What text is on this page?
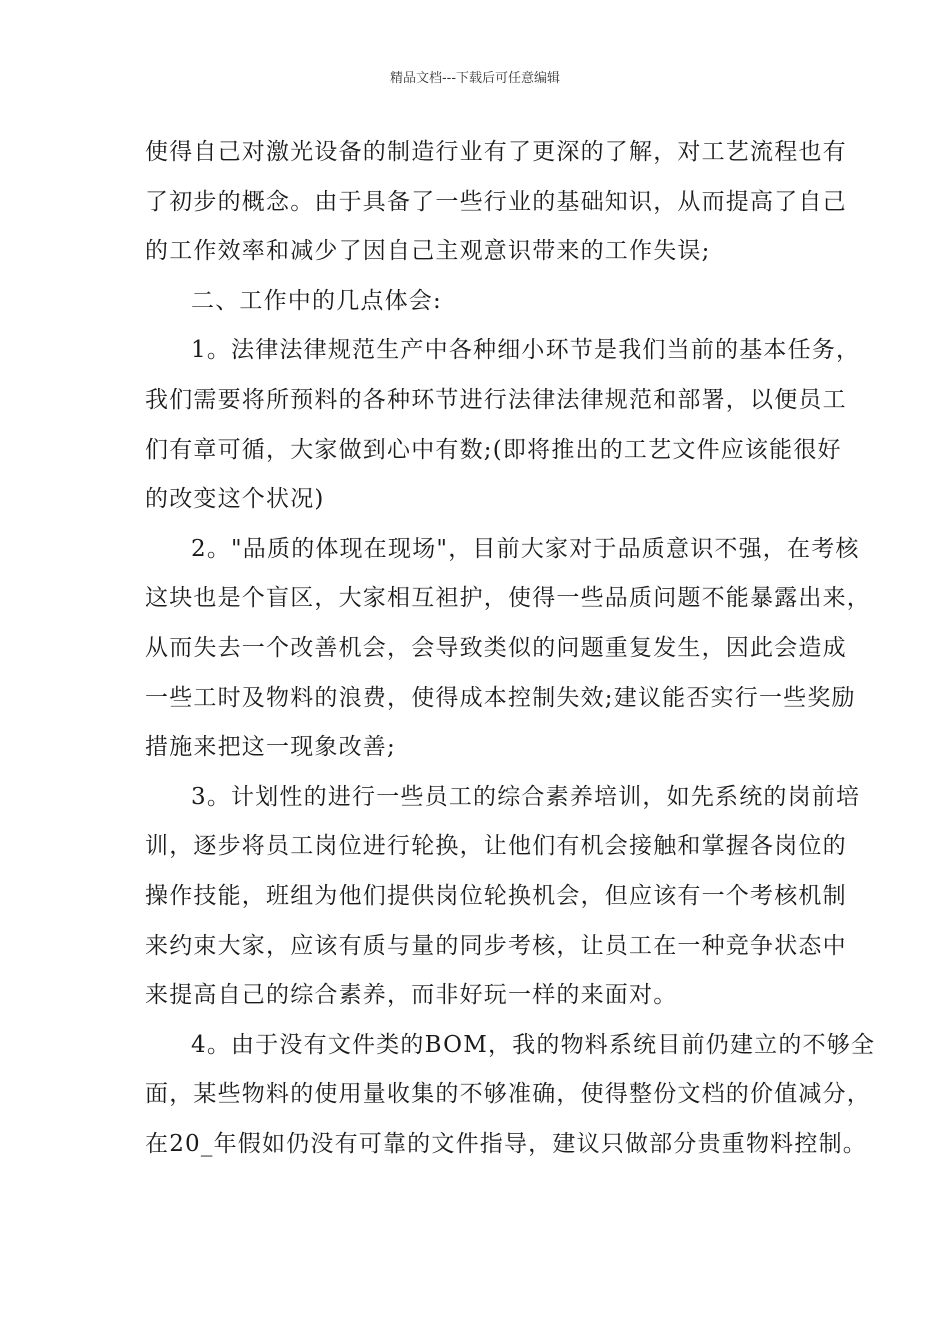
精品文档---下载后可任意编辑
使得自己对激光设备的制造行业有了更深的了解，对工艺流程也有
了初步的概念。由于具备了一些行业的基础知识，从而提高了自己
的工作效率和减少了因自己主观意识带来的工作失误;
二、工作中的几点体会:
1。法律法律规范生产中各种细小环节是我们当前的基本任务，
我们需要将所预料的各种环节进行法律法律规范和部署，以便员工
们有章可循，大家做到心中有数;(即将推出的工艺文件应该能很好
的改变这个状况)
2。"品质的体现在现场"，目前大家对于品质意识不强，在考核
这块也是个盲区，大家相互袒护，使得一些品质问题不能暴露出来，
从而失去一个改善机会，会导致类似的问题重复发生，因此会造成
一些工时及物料的浪费，使得成本控制失效;建议能否实行一些奖励
措施来把这一现象改善;
3。计划性的进行一些员工的综合素养培训，如先系统的岗前培
训，逐步将员工岗位进行轮换，让他们有机会接触和掌握各岗位的
操作技能，班组为他们提供岗位轮换机会，但应该有一个考核机制
来约束大家，应该有质与量的同步考核，让员工在一种竞争状态中
来提高自己的综合素养，而非好玩一样的来面对。
4。由于没有文件类的BOM，我的物料系统目前仍建立的不够全
面，某些物料的使用量收集的不够准确，使得整份文档的价值减分，
在20_年假如仍没有可靠的文件指导，建议只做部分贵重物料控制。
